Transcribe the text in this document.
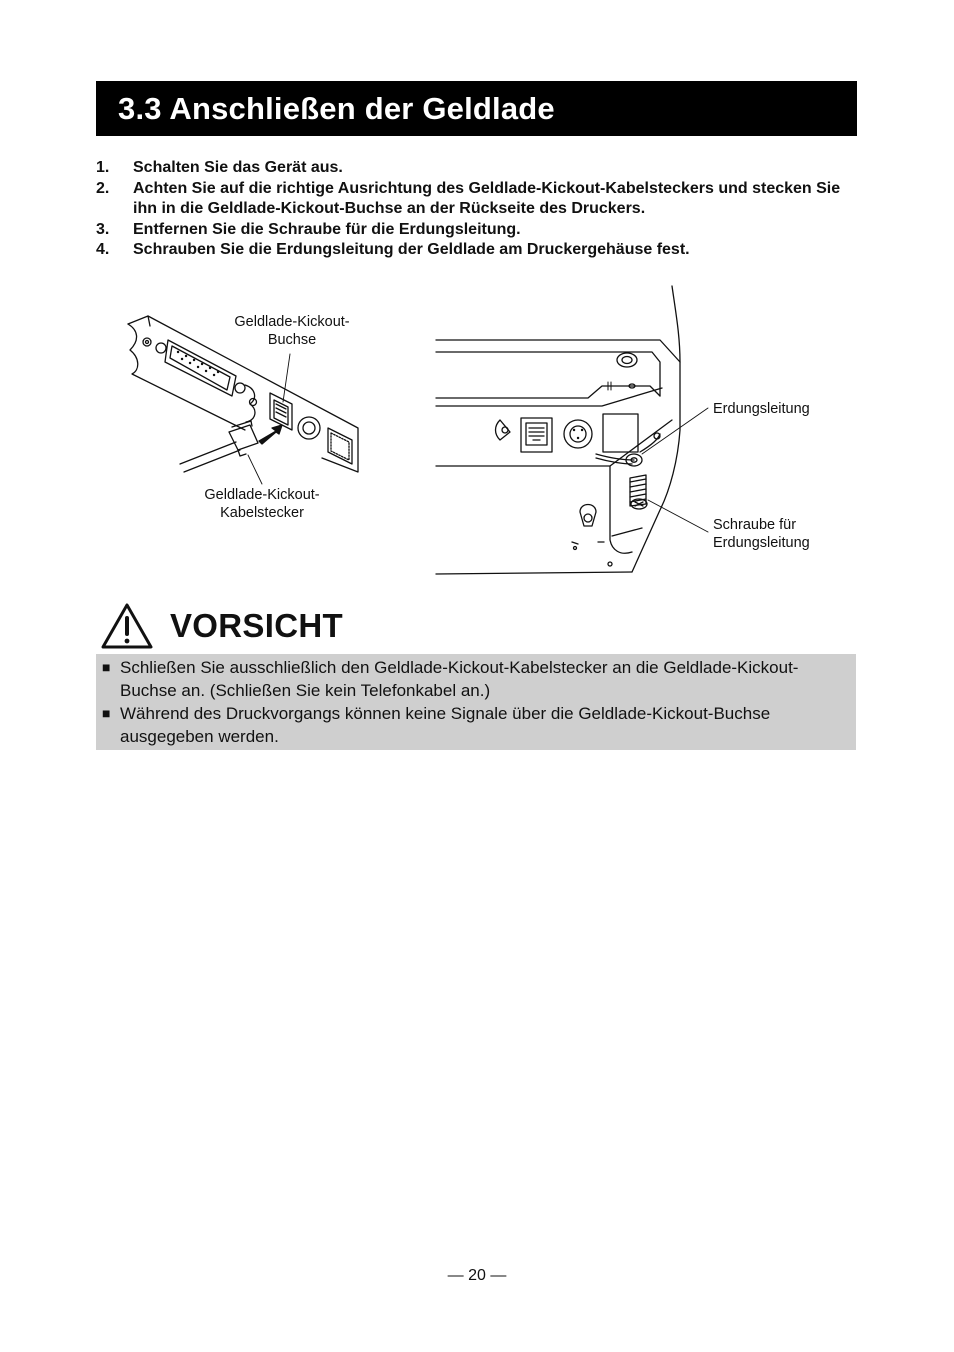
3.3 Anschließen der Geldlade
1.	Schalten Sie das Gerät aus.
2.	Achten Sie auf die richtige Ausrichtung des Geldlade-Kickout-Kabelsteckers und stecken Sie ihn in die Geldlade-Kickout-Buchse an der Rückseite des Druckers.
3.	Entfernen Sie die Schraube für die Erdungsleitung.
4.	Schrauben Sie die Erdungsleitung der Geldlade am Druckergehäuse fest.
Geldlade-Kickout-
Buchse
Geldlade-Kickout-
Kabelstecker
Erdungsleitung
Schraube für
Erdungsleitung
VORSICHT
■ Schließen Sie ausschließlich den Geldlade-Kickout-Kabelstecker an die Geldlade-Kickout-Buchse an. (Schließen Sie kein Telefonkabel an.)
■ Während des Druckvorgangs können keine Signale über die Geldlade-Kickout-Buchse ausgegeben werden.
— 20 —
